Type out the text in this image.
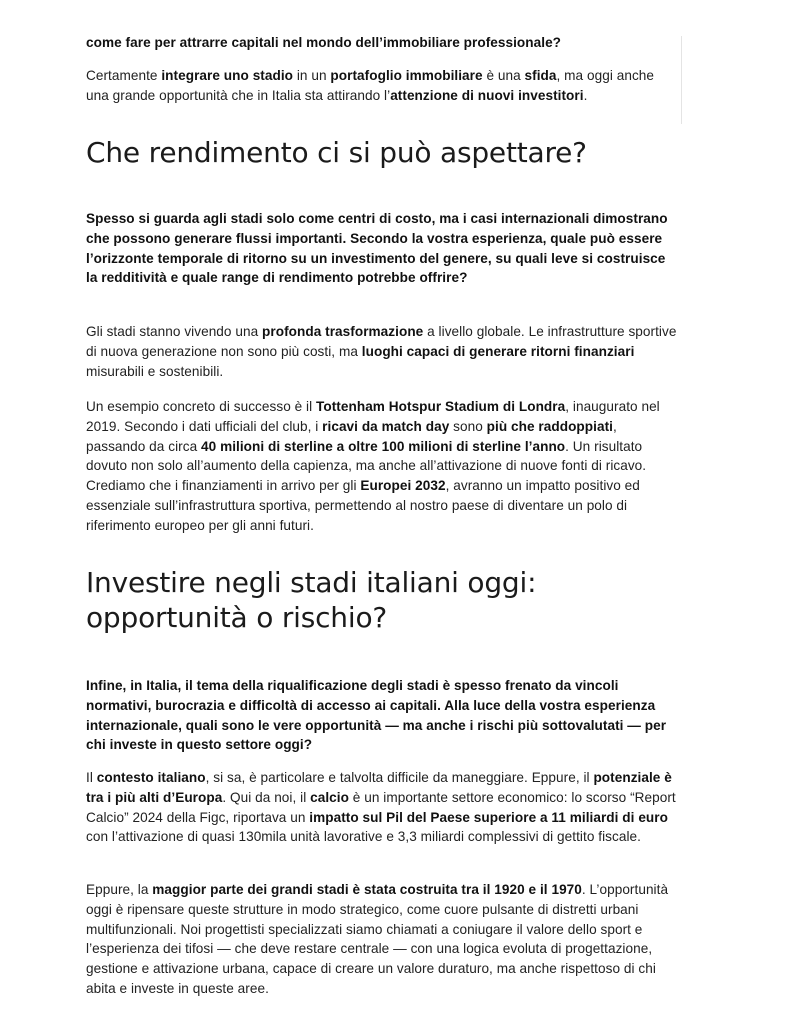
come fare per attrarre capitali nel mondo dell’immobiliare professionale?

Certamente integrare uno stadio in un portafoglio immobiliare è una sfida, ma oggi anche una grande opportunità che in Italia sta attirando l’attenzione di nuovi investitori.

Che rendimento ci si può aspettare?

Spesso si guarda agli stadi solo come centri di costo, ma i casi internazionali dimostrano che possono generare flussi importanti. Secondo la vostra esperienza, quale può essere l’orizzonte temporale di ritorno su un investimento del genere, su quali leve si costruisce la redditività e quale range di rendimento potrebbe offrire?

Gli stadi stanno vivendo una profonda trasformazione a livello globale. Le infrastrutture sportive di nuova generazione non sono più costi, ma luoghi capaci di generare ritorni finanziari misurabili e sostenibili.

Un esempio concreto di successo è il Tottenham Hotspur Stadium di Londra, inaugurato nel 2019. Secondo i dati ufficiali del club, i ricavi da match day sono più che raddoppiati, passando da circa 40 milioni di sterline a oltre 100 milioni di sterline l’anno. Un risultato dovuto non solo all’aumento della capienza, ma anche all’attivazione di nuove fonti di ricavo. Crediamo che i finanziamenti in arrivo per gli Europei 2032, avranno un impatto positivo ed essenziale sull’infrastruttura sportiva, permettendo al nostro paese di diventare un polo di riferimento europeo per gli anni futuri.

Investire negli stadi italiani oggi: opportunità o rischio?

Infine, in Italia, il tema della riqualificazione degli stadi è spesso frenato da vincoli normativi, burocrazia e difficoltà di accesso ai capitali. Alla luce della vostra esperienza internazionale, quali sono le vere opportunità — ma anche i rischi più sottovalutati — per chi investe in questo settore oggi?

Il contesto italiano, si sa, è particolare e talvolta difficile da maneggiare. Eppure, il potenziale è tra i più alti d’Europa. Qui da noi, il calcio è un importante settore economico: lo scorso “Report Calcio” 2024 della Figc, riportava un impatto sul Pil del Paese superiore a 11 miliardi di euro con l’attivazione di quasi 130mila unità lavorative e 3,3 miliardi complessivi di gettito fiscale.

Eppure, la maggior parte dei grandi stadi è stata costruita tra il 1920 e il 1970. L’opportunità oggi è ripensare queste strutture in modo strategico, come cuore pulsante di distretti urbani multifunzionali. Noi progettisti specializzati siamo chiamati a coniugare il valore dello sport e l’esperienza dei tifosi — che deve restare centrale — con una logica evoluta di progettazione, gestione e attivazione urbana, capace di creare un valore duraturo, ma anche rispettoso di chi abita e investe in queste aree.
